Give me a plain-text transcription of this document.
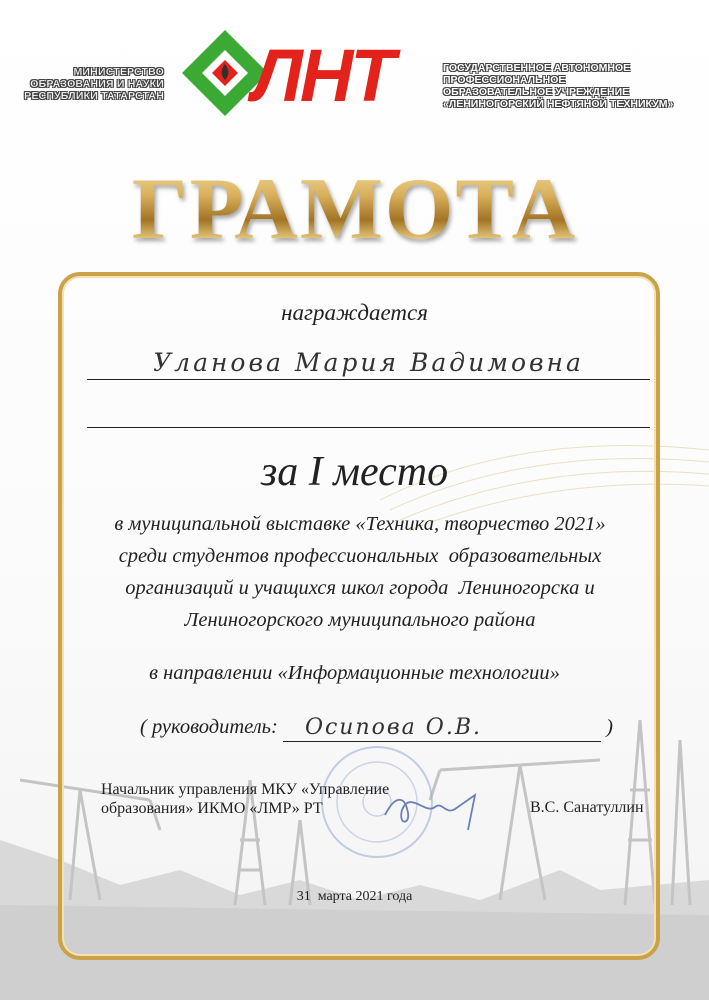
МИНИСТЕРСТВО
ОБРАЗОВАНИЯ И НАУКИ
РЕСПУБЛИКИ ТАТАРСТАН ЛНТ	ГОСУДАРСТВЕННОЕ АВТОНОМНОЕ
ПРОФЕССИОНАЛЬНОЕ
ОБРАЗОВАТЕЛЬНОЕ УЧРЕЖДЕНИЕ
«ЛЕНИНОГОРСКИЙ НЕФТЯНОЙ ТЕХНИКУМ»
ГРАМОТА
награждается
Уланова Мария Вадимовна
за I место
в муниципальной выставке «Техника, творчество 2021»
среди студентов профессиональных  образовательных
организаций и учащихся школ города  Лениногорска и
Лениногорского муниципального района
в направлении «Информационные технологии»
( руководитель: Осипова О.В.	)
Начальник управления МКУ «Управление
образования» ИКМО «ЛМР» РТ	В.С. Санатуллин
31  марта 2021 года
